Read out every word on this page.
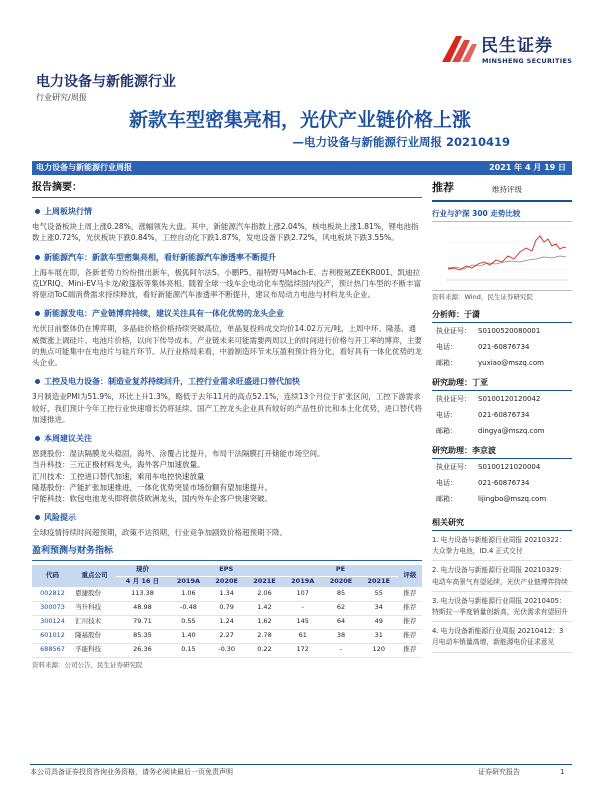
民生证券
MINSHENG SECURITIES
电力设备与新能源行业
行业研究/周报
新款车型密集亮相，光伏产业链价格上涨
—电力设备与新能源行业周报 20210419
电力设备与新能源行业周报	2021 年 4 月 19 日
报告摘要：
上周板块行情
电气设备板块上周上涨0.28%，涨幅领先大盘。其中，新能源汽车指数上涨2.04%，核电板块上涨1.81%，锂电池指数上涨0.72%，光伏板块下跌0.84%，工控自动化下跌1.87%，发电设备下跌2.72%，风电板块下跌3.55%。
新能源汽车：新款车型密集亮相，看好新能源汽车渗透率不断提升
上海车展在即，各新老势力纷纷推出新车，极狐阿尔法S、小鹏P5、福特野马Mach-E、吉利极氪ZEEKR001、凯迪拉克LYRIQ、Mini-EV马卡龙/敞篷版等集体亮相。随着全球一线车企电动化车型陆续国内投产，预计热门车型的不断丰富将驱动ToC端消费需求持续释放，看好新能源汽车渗透率不断提升，建议布局动力电池与材料龙头企业。
新能源发电：产业链博弈持续，建议关注具有一体化优势的龙头企业
光伏目前整体仍在博弈期，多晶硅价格价格持续突破高位，单晶复投料成交均价14.02万元/吨，上周中环、隆基、通威微涨上调硅片、电池片价格，以向下传导成本。产业链未来可能需要两周以上的时间进行价格与开工率的博弈，主要的焦点可能集中在电池片与硅片环节。从行业格局来看，中游制造环节未压盈利预计将分化，看好具有一体化优势的龙头企业。
工控及电力设备：制造业复苏持续回升，工控行业需求旺盛进口替代加快
3月制造业PMI为51.9%，环比上升1.3%，略低于去年11月的高点52.1%，连续13个月位于扩张区间，工控下游需求较好，我们预计今年工控行业快速增长仍将延续。国产工控龙头企业具有较好的产品性价比和本土化优势，进口替代将加速推进。
本周建议关注
恩捷股份：湿法隔膜龙头稳固，海外、涂覆占比提升，布局干法隔膜打开储能市场空间。
当升科技：三元正极材料龙头，海外客户加速放量。
汇川技术：工控进口替代加速，乘用车电控快速放量
隆基股份：产能扩张加速推进，一体化优势突显市场份额有望加速提升。
宇能科技：软包电池龙头即将供货欧洲龙头，国内外车企客户快速突破。
风险提示
全球疫情持续时间超预期，政策不达预期，行业竞争加剧致价格超预期下降。
盈利预测与财务指标
代码	重点公司	现价	EPS			PE			评级
		4 月 16 日	2019A	2020E	2021E	2019A	2020E	2021E	
002812	恩捷股份	113.38	1.06	1.34	2.06	107	85	55	推荐
300073	当升科技	48.98	-0.48	0.79	1.42	-	62	34	推荐
300124	汇川技术	79.71	0.55	1.24	1.62	145	64	49	推荐
601012	隆基股份	85.35	1.40	2.27	2.78	61	38	31	推荐
688567	孚能科技	26.36	0.15	-0.30	0.22	172	-	120	推荐
资料来源：公司公告、民生证券研究院
推荐	维持评级
行业与沪深 300 走势比较
资料来源：Wind，民生证券研究院
分析师：于潇
执业证号： S0100520080001
电话：	021-60876734
邮箱：	yuxiao@mszq.com
研究助理：丁亚
执业证号： S0100120120042
电话：	021-60876734
邮箱：	dingya@mszq.com
研究助理：李京波
执业证号： S0100121020004
电话：	021-60876734
邮箱：	lijingbo@mszq.com
相关研究
1. 电力设备与新能源行业周报 20210322：大众拳力电池，ID.4 正式交付
2. 电力设备与新能源行业周报 20210329：电动车高景气有望延续，光伏产业链博弈持续
3. 电力设备与新能源行业周报 20210405：特斯拉一季度销量创新高，光伏需求有望回升
4. 电力设备新能源行业周报 20210412：3 月电动车销量高增，新能源电价征求意见
本公司具备证券投资咨询业务资格，请务必阅读最后一页免责声明	证券研究报告	1
